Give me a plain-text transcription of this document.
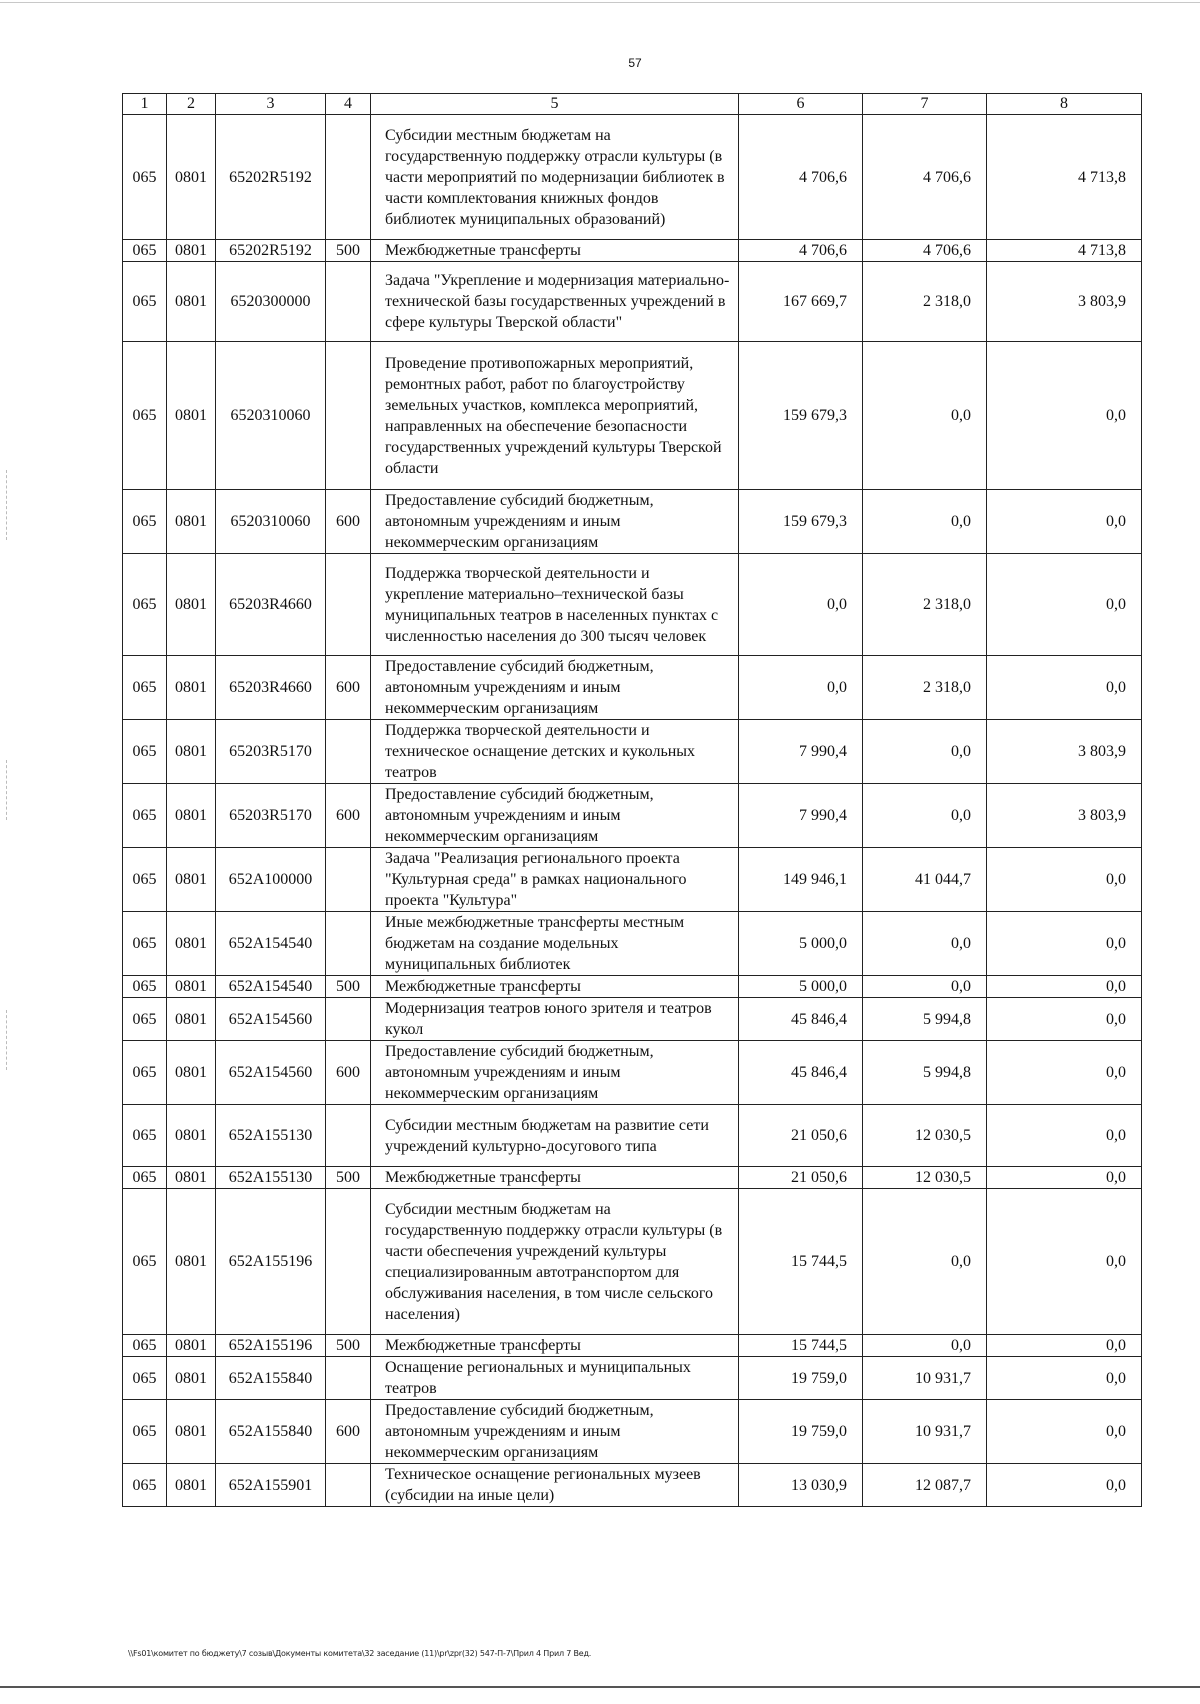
57
1	2	3	4	5	6	7	8
065	0801	65202R5192		Субсидии местным бюджетам на государственную поддержку отрасли культуры (в части мероприятий по модернизации библиотек в части комплектования книжных фондов библиотек муниципальных образований)	4 706,6	4 706,6	4 713,8
065	0801	65202R5192	500	Межбюджетные трансферты	4 706,6	4 706,6	4 713,8
065	0801	6520300000		Задача "Укрепление и модернизация материально-технической базы государственных учреждений в сфере культуры Тверской области"	167 669,7	2 318,0	3 803,9
065	0801	6520310060		Проведение противопожарных мероприятий, ремонтных работ, работ по благоустройству земельных участков, комплекса мероприятий, направленных на обеспечение безопасности государственных учреждений культуры Тверской области	159 679,3	0,0	0,0
065	0801	6520310060	600	Предоставление субсидий бюджетным, автономным учреждениям и иным некоммерческим организациям	159 679,3	0,0	0,0
065	0801	65203R4660		Поддержка творческой деятельности и укрепление материально–технической базы муниципальных театров в населенных пунктах с численностью населения до 300 тысяч человек	0,0	2 318,0	0,0
065	0801	65203R4660	600	Предоставление субсидий бюджетным, автономным учреждениям и иным некоммерческим организациям	0,0	2 318,0	0,0
065	0801	65203R5170		Поддержка творческой деятельности и техническое оснащение детских и кукольных театров	7 990,4	0,0	3 803,9
065	0801	65203R5170	600	Предоставление субсидий бюджетным, автономным учреждениям и иным некоммерческим организациям	7 990,4	0,0	3 803,9
065	0801	652A100000		Задача "Реализация регионального проекта "Культурная среда" в рамках национального проекта "Культура"	149 946,1	41 044,7	0,0
065	0801	652A154540		Иные межбюджетные трансферты местным бюджетам на создание модельных муниципальных библиотек	5 000,0	0,0	0,0
065	0801	652A154540	500	Межбюджетные трансферты	5 000,0	0,0	0,0
065	0801	652A154560		Модернизация театров юного зрителя и театров кукол	45 846,4	5 994,8	0,0
065	0801	652A154560	600	Предоставление субсидий бюджетным, автономным учреждениям и иным некоммерческим организациям	45 846,4	5 994,8	0,0
065	0801	652A155130		Субсидии местным бюджетам на развитие сети учреждений культурно-досугового типа	21 050,6	12 030,5	0,0
065	0801	652A155130	500	Межбюджетные трансферты	21 050,6	12 030,5	0,0
065	0801	652A155196		Субсидии местным бюджетам на государственную поддержку отрасли культуры (в части обеспечения учреждений культуры специализированным автотранспортом для обслуживания населения, в том числе сельского населения)	15 744,5	0,0	0,0
065	0801	652A155196	500	Межбюджетные трансферты	15 744,5	0,0	0,0
065	0801	652A155840		Оснащение региональных и муниципальных театров	19 759,0	10 931,7	0,0
065	0801	652A155840	600	Предоставление субсидий бюджетным, автономным учреждениям и иным некоммерческим организациям	19 759,0	10 931,7	0,0
065	0801	652A155901		Техническое оснащение региональных музеев (субсидии на иные цели)	13 030,9	12 087,7	0,0
\\Fs01\комитет по бюджету\7 созыв\Документы комитета\32 заседание (11)\pr\zpr(32) 547-П-7\Прил 4 Прил 7 Вед.
